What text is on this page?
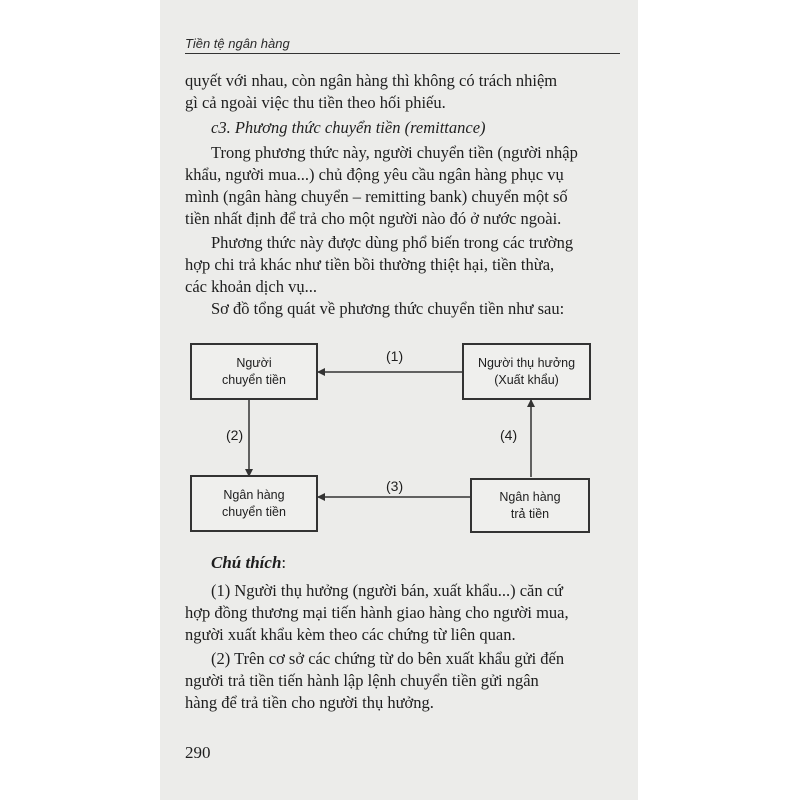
Tiền tệ ngân hàng
quyết với nhau, còn ngân hàng thì không có trách nhiệm
gì cả ngoài việc thu tiền theo hối phiếu.
c3. Phương thức chuyển tiền (remittance)
Trong phương thức này, người chuyển tiền (người nhập
khẩu, người mua...) chủ động yêu cầu ngân hàng phục vụ
mình (ngân hàng chuyển – remitting bank) chuyển một số
tiền nhất định để trả cho một người nào đó ở nước ngoài.
Phương thức này được dùng phổ biến trong các trường
hợp chi trả khác như tiền bồi thường thiệt hại, tiền thừa,
các khoản dịch vụ...
Sơ đồ tổng quát về phương thức chuyển tiền như sau:
Người
chuyển tiền
Người thụ hưởng
(Xuất khẩu)
Ngân hàng
chuyển tiền
Ngân hàng
trả tiền
(1)
(2)
(3)
(4)
Chú thích:
(1) Người thụ hưởng (người bán, xuất khẩu...) căn cứ
hợp đồng thương mại tiến hành giao hàng cho người mua,
người xuất khẩu kèm theo các chứng từ liên quan.
(2) Trên cơ sở các chứng từ do bên xuất khẩu gửi đến
người trả tiền tiến hành lập lệnh chuyển tiền gửi ngân
hàng để trả tiền cho người thụ hưởng.
290
